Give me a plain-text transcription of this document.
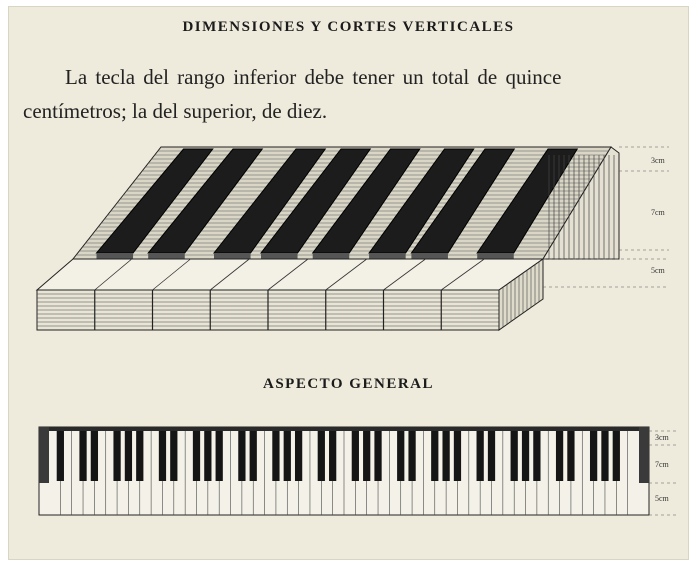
DIMENSIONES Y CORTES VERTICALES
La tecla del rango inferior debe tener un total de quince
centímetros; la del superior, de diez.
3cm
7cm
5cm
ASPECTO GENERAL
3cm
7cm
5cm
